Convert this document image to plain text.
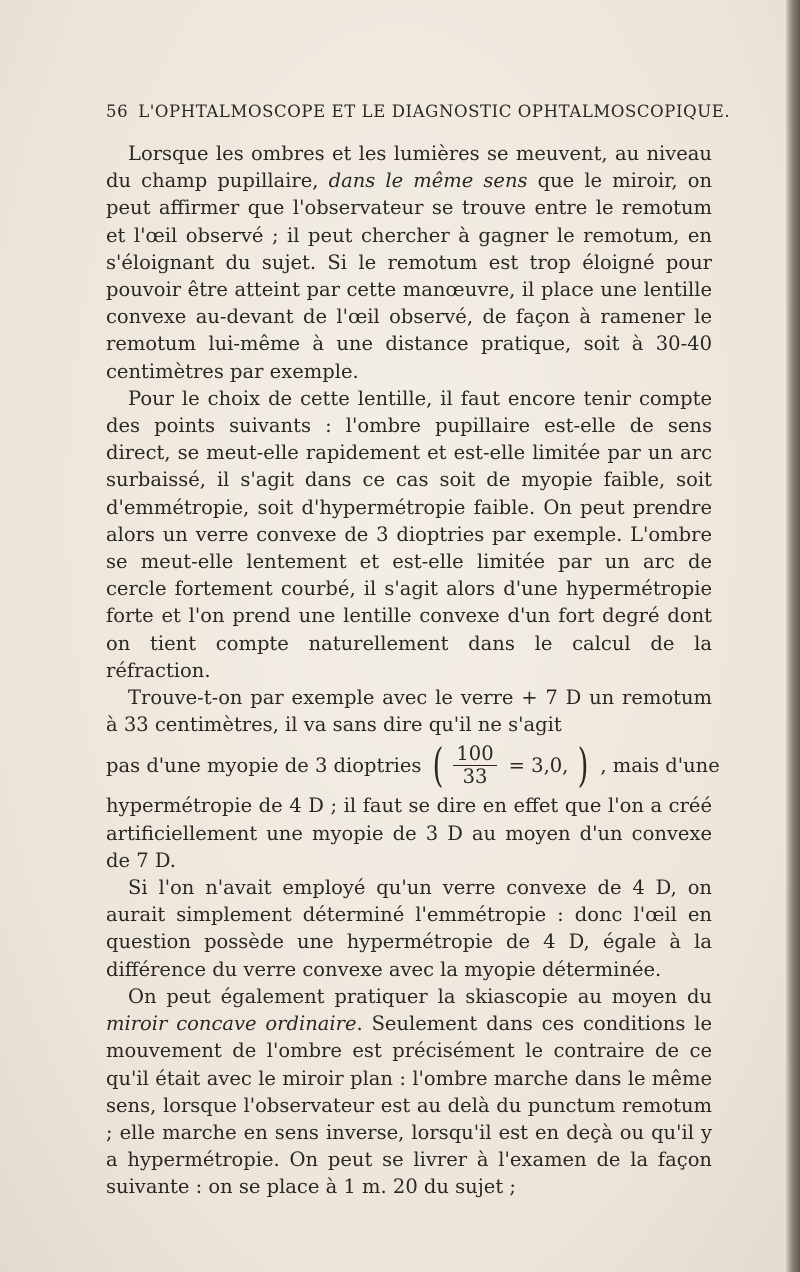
56 L'OPHTALMOSCOPE ET LE DIAGNOSTIC OPHTALMOSCOPIQUE.

Lorsque les ombres et les lumières se meuvent, au niveau du champ pupillaire, dans le même sens que le miroir, on peut affirmer que l'observateur se trouve entre le remotum et l'œil observé ; il peut chercher à gagner le remotum, en s'éloignant du sujet. Si le remotum est trop éloigné pour pouvoir être atteint par cette manœuvre, il place une lentille convexe au-devant de l'œil observé, de façon à ramener le remotum lui-même à une distance pratique, soit à 30-40 centimètres par exemple.

Pour le choix de cette lentille, il faut encore tenir compte des points suivants : l'ombre pupillaire est-elle de sens direct, se meut-elle rapidement et est-elle limitée par un arc surbaissé, il s'agit dans ce cas soit de myopie faible, soit d'emmétropie, soit d'hypermétropie faible. On peut prendre alors un verre convexe de 3 dioptries par exemple. L'ombre se meut-elle lentement et est-elle limitée par un arc de cercle fortement courbé, il s'agit alors d'une hypermétropie forte et l'on prend une lentille convexe d'un fort degré dont on tient compte naturellement dans le calcul de la réfraction.

Trouve-t-on par exemple avec le verre + 7 D un remotum à 33 centimètres, il va sans dire qu'il ne s'agit

pas d'une myopie de 3 dioptries ( $\frac{100}{33} = 3,0$, ) , mais d'une

hypermétropie de 4 D ; il faut se dire en effet que l'on a créé artificiellement une myopie de 3 D au moyen d'un convexe de 7 D.

Si l'on n'avait employé qu'un verre convexe de 4 D, on aurait simplement déterminé l'emmétropie : donc l'œil en question possède une hypermétropie de 4 D, égale à la différence du verre convexe avec la myopie déterminée.

On peut également pratiquer la skiascopie au moyen du miroir concave ordinaire. Seulement dans ces conditions le mouvement de l'ombre est précisément le contraire de ce qu'il était avec le miroir plan : l'ombre marche dans le même sens, lorsque l'observateur est au delà du punctum remotum ; elle marche en sens inverse, lorsqu'il est en deçà ou qu'il y a hypermétropie. On peut se livrer à l'examen de la façon suivante : on se place à 1 m. 20 du sujet ;
